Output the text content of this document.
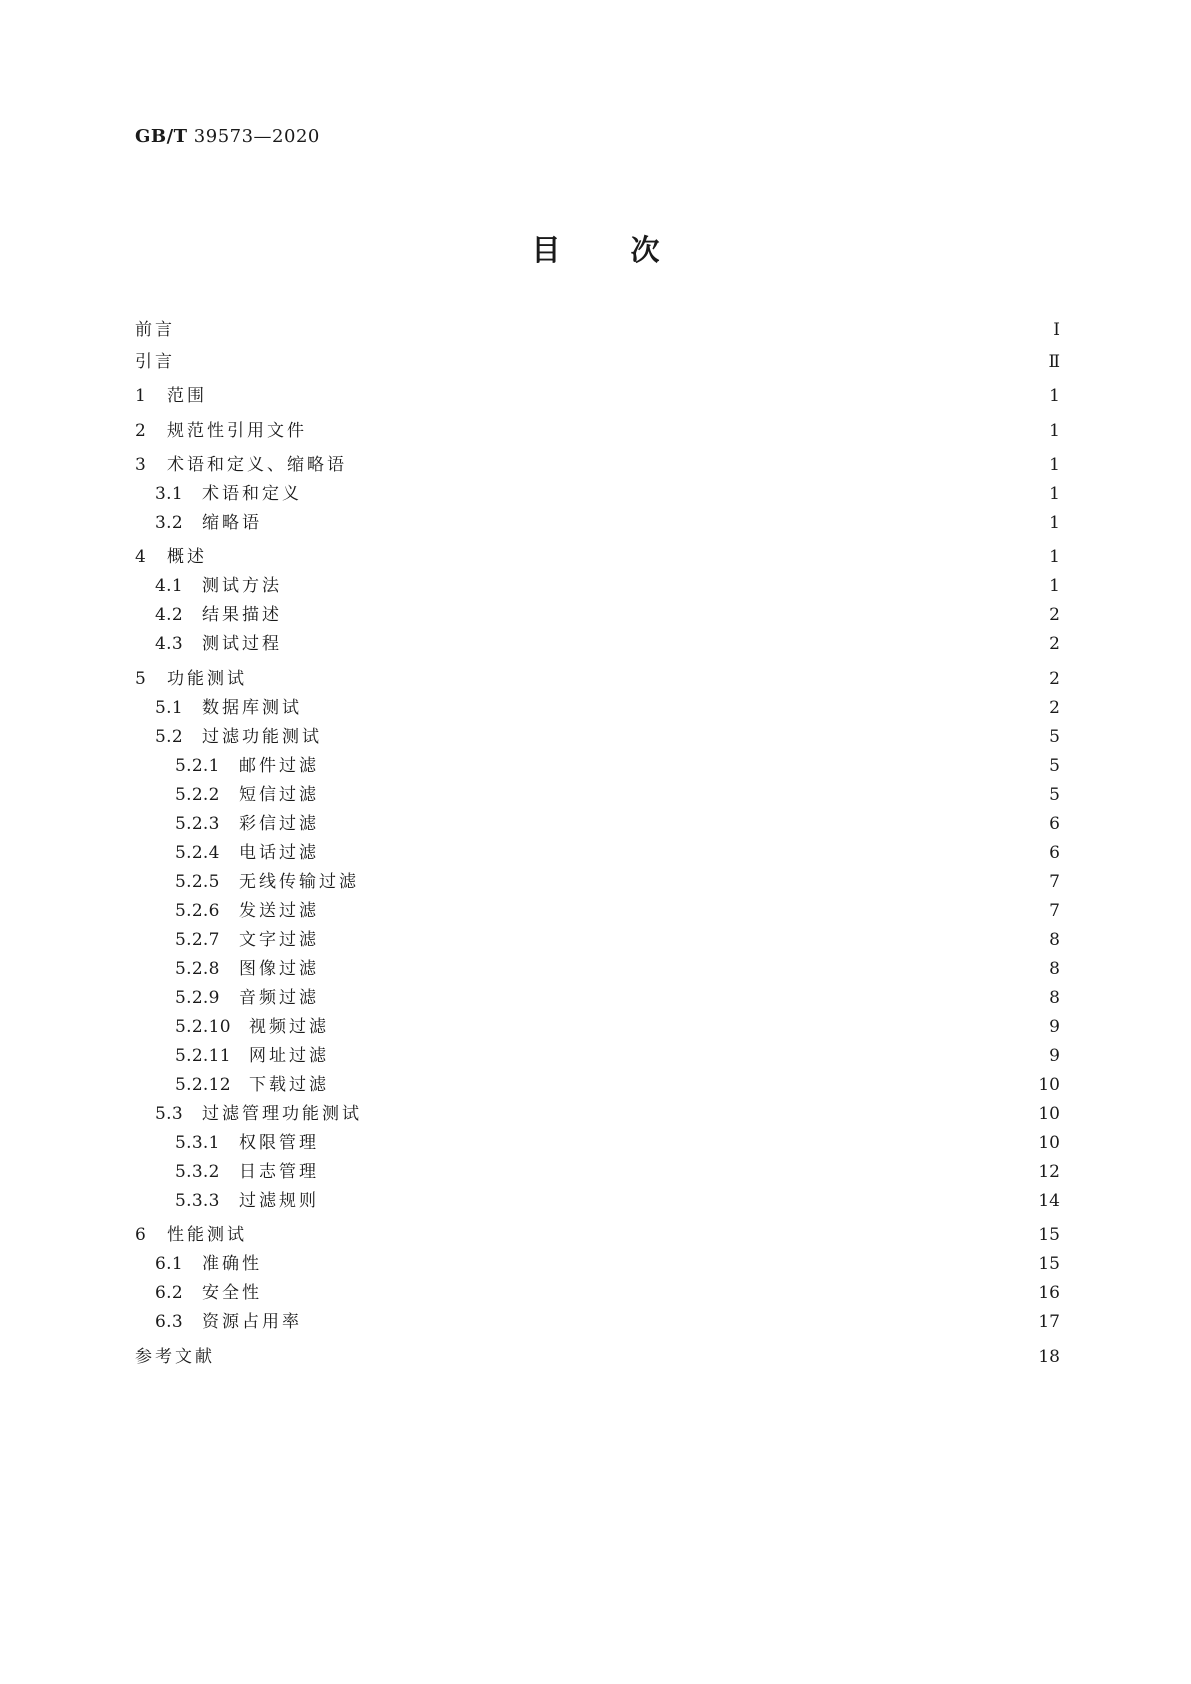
GB/T 39573—2020
目 次
前言	Ⅰ
引言	Ⅱ
1	范围	1
2	规范性引用文件	1
3	术语和定义、缩略语	1
3.1	术语和定义	1
3.2	缩略语	1
4	概述	1
4.1	测试方法	1
4.2	结果描述	2
4.3	测试过程	2
5	功能测试	2
5.1	数据库测试	2
5.2	过滤功能测试	5
5.2.1	邮件过滤	5
5.2.2	短信过滤	5
5.2.3	彩信过滤	6
5.2.4	电话过滤	6
5.2.5	无线传输过滤	7
5.2.6	发送过滤	7
5.2.7	文字过滤	8
5.2.8	图像过滤	8
5.2.9	音频过滤	8
5.2.10	视频过滤	9
5.2.11	网址过滤	9
5.2.12	下载过滤	10
5.3	过滤管理功能测试	10
5.3.1	权限管理	10
5.3.2	日志管理	12
5.3.3	过滤规则	14
6	性能测试	15
6.1	准确性	15
6.2	安全性	16
6.3	资源占用率	17
参考文献	18
